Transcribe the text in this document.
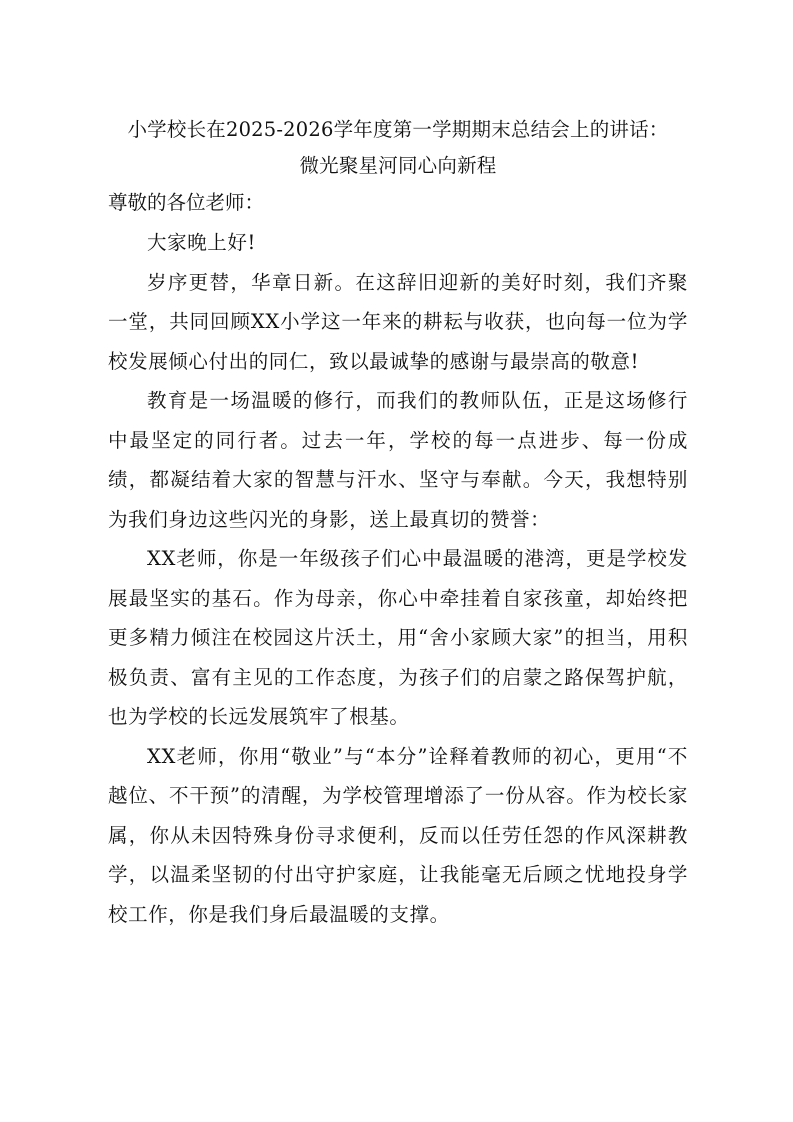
小学校长在2025-2026学年度第一学期期末总结会上的讲话：
微光聚星河同心向新程

尊敬的各位老师：

大家晚上好!

岁序更替，华章日新。在这辞旧迎新的美好时刻，我们齐聚一堂，共同回顾XX小学这一年来的耕耘与收获，也向每一位为学校发展倾心付出的同仁，致以最诚挚的感谢与最崇高的敬意!

教育是一场温暖的修行，而我们的教师队伍，正是这场修行中最坚定的同行者。过去一年，学校的每一点进步、每一份成绩，都凝结着大家的智慧与汗水、坚守与奉献。今天，我想特别为我们身边这些闪光的身影，送上最真切的赞誉：

XX老师，你是一年级孩子们心中最温暖的港湾，更是学校发展最坚实的基石。作为母亲，你心中牵挂着自家孩童，却始终把更多精力倾注在校园这片沃土，用“舍小家顾大家”的担当，用积极负责、富有主见的工作态度，为孩子们的启蒙之路保驾护航，也为学校的长远发展筑牢了根基。

XX老师，你用“敬业”与“本分”诠释着教师的初心，更用“不越位、不干预”的清醒，为学校管理增添了一份从容。作为校长家属，你从未因特殊身份寻求便利，反而以任劳任怨的作风深耕教学，以温柔坚韧的付出守护家庭，让我能毫无后顾之忧地投身学校工作，你是我们身后最温暖的支撑。
